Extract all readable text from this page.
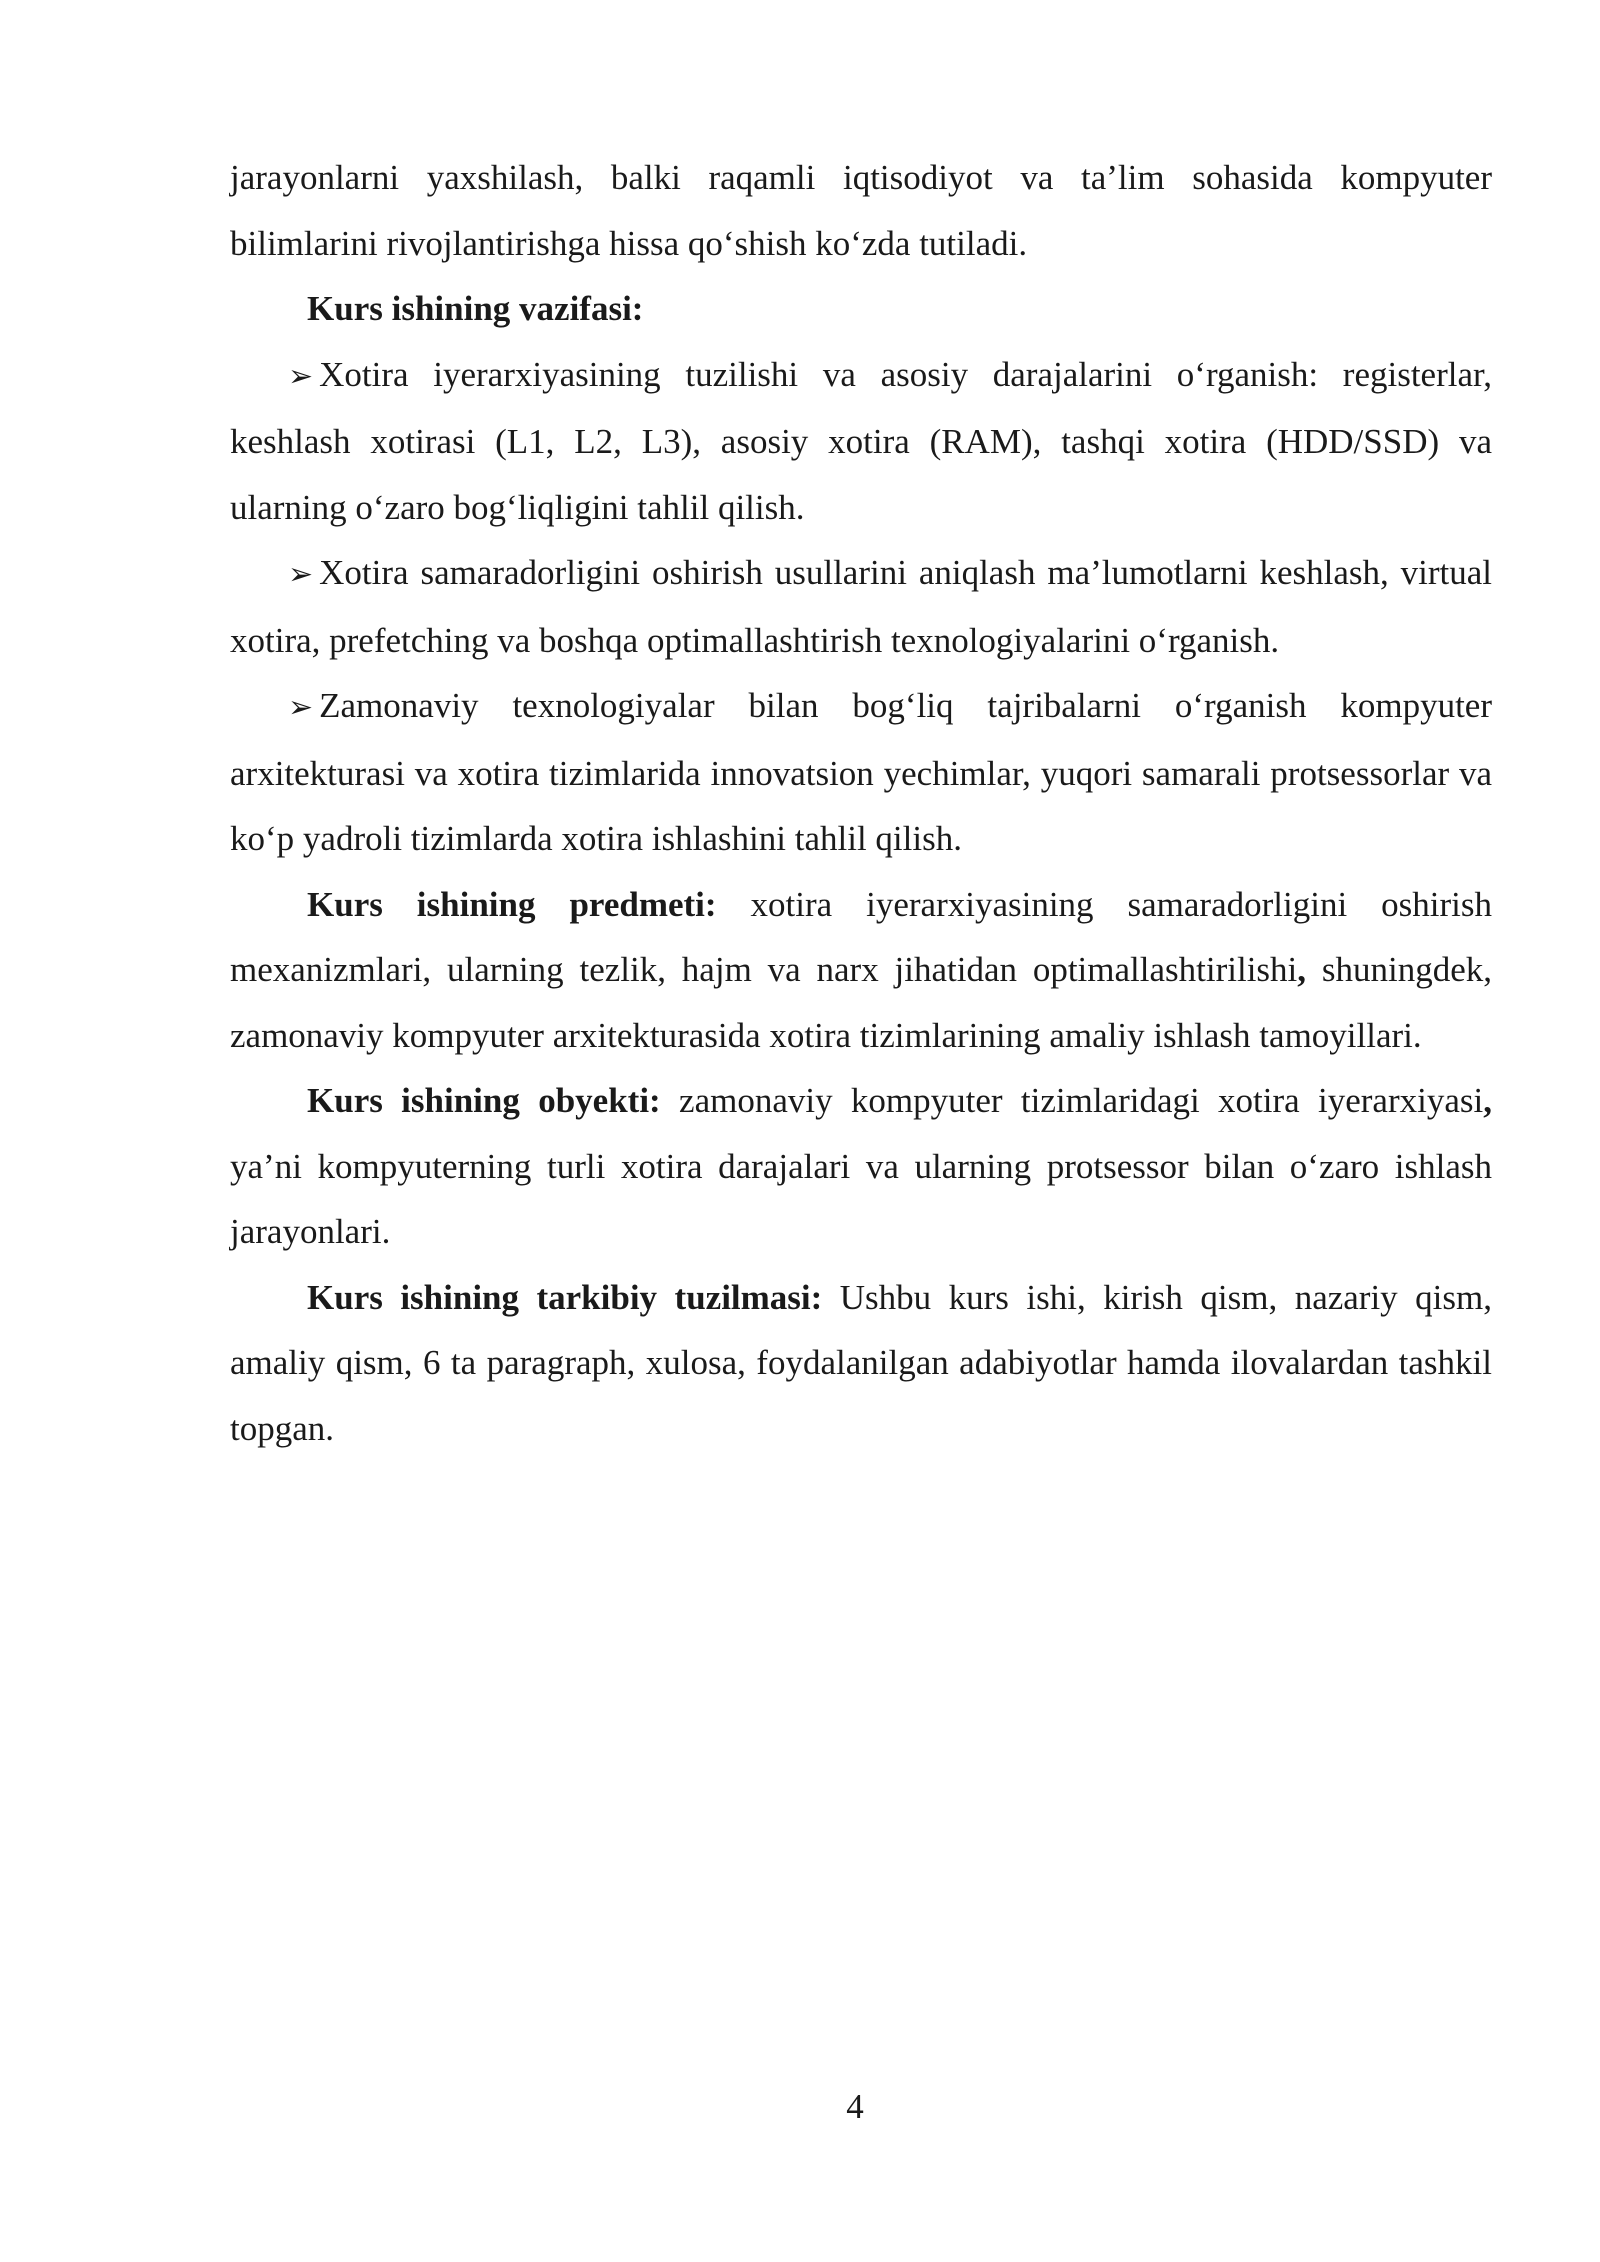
jarayonlarni yaxshilash, balki raqamli iqtisodiyot va ta’lim sohasida kompyuter bilimlarini rivojlantirishga hissa qo‘shish ko‘zda tutiladi.

Kurs ishining vazifasi:

➢ Xotira iyerarxiyasining tuzilishi va asosiy darajalarini o‘rganish: registerlar, keshlash xotirasi (L1, L2, L3), asosiy xotira (RAM), tashqi xotira (HDD/SSD) va ularning o‘zaro bog‘liqligini tahlil qilish.

➢ Xotira samaradorligini oshirish usullarini aniqlash ma’lumotlarni keshlash, virtual xotira, prefetching va boshqa optimallashtirish texnologiyalarini o‘rganish.

➢ Zamonaviy texnologiyalar bilan bog‘liq tajribalarni o‘rganish kompyuter arxitekturasi va xotira tizimlarida innovatsion yechimlar, yuqori samarali protsessorlar va ko‘p yadroli tizimlarda xotira ishlashini tahlil qilish.

Kurs ishining predmeti: xotira iyerarxiyasining samaradorligini oshirish mexanizmlari, ularning tezlik, hajm va narx jihatidan optimallashtirilishi, shuningdek, zamonaviy kompyuter arxitekturasida xotira tizimlarining amaliy ishlash tamoyillari.

Kurs ishining obyekti: zamonaviy kompyuter tizimlaridagi xotira iyerarxiyasi, ya’ni kompyuterning turli xotira darajalari va ularning protsessor bilan o‘zaro ishlash jarayonlari.

Kurs ishining tarkibiy tuzilmasi: Ushbu kurs ishi, kirish qism, nazariy qism, amaliy qism, 6 ta paragraph, xulosa, foydalanilgan adabiyotlar hamda ilovalardan tashkil topgan.

4
